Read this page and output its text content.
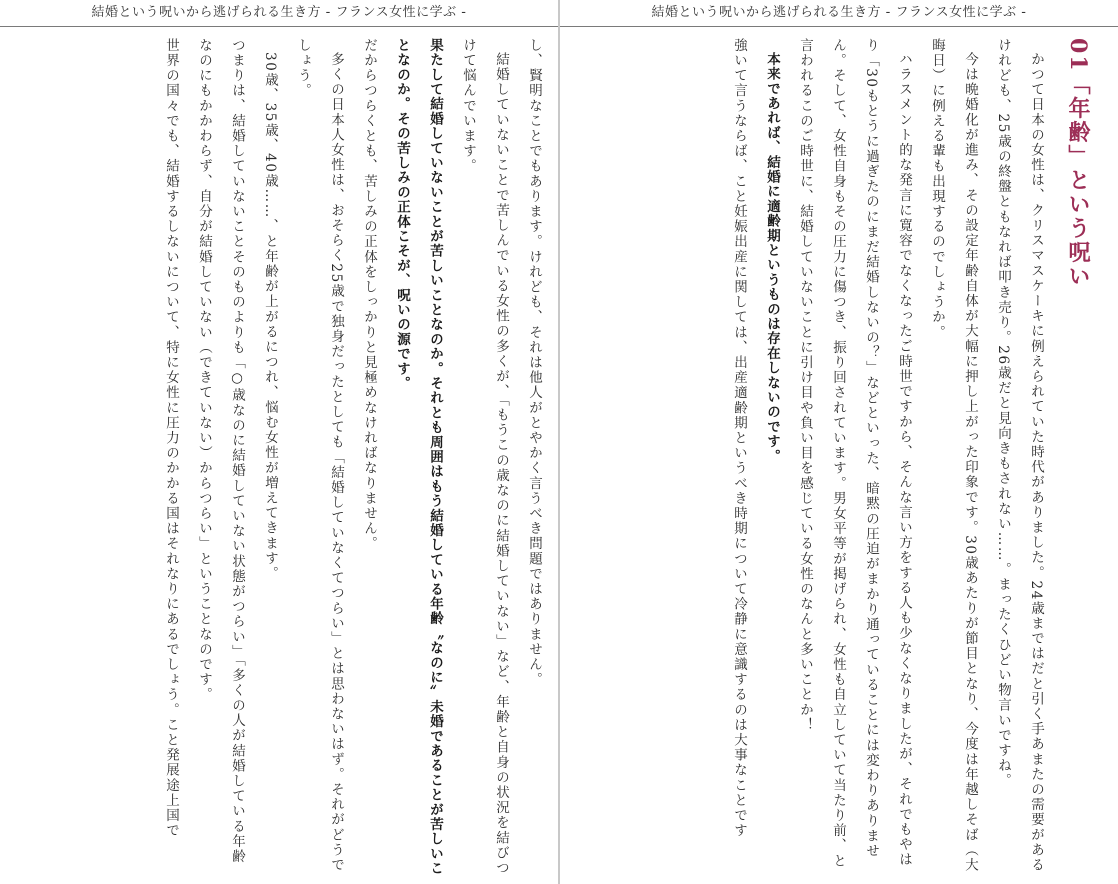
結婚という呪いから逃げられる生き方 - フランス女性に学ぶ -
01「年齢」という呪い

かつて日本の女性は、クリスマスケーキに例えられていた時代がありました。24歳まではだと引く手あまたの需要があるけれども、25歳の終盤ともなれば叩き売り。26歳だと見向きもされない……。まったくひどい物言いですね。

今は晩婚化が進み、その設定年齢自体が大幅に押し上がった印象です。30歳あたりが節目となり、今度は年越しそば（大晦日）に例える輩も出現するのでしょうか。

ハラスメント的な発言に寛容でなくなったご時世ですから、そんな言い方をする人も少なくなりましたが、それでもやはり「30もとうに過ぎたのにまだ結婚しないの？」などといった、暗黙の圧迫がまかり通っていることには変わりありません。そして、女性自身もその圧力に傷つき、振り回されています。男女平等が掲げられ、女性も自立していて当たり前、と言われるこのご時世に、結婚していないことに引け目や負い目を感じている女性のなんと多いことか！

本来であれば、結婚に適齢期というものは存在しないのです。

強いて言うならば、こと妊娠出産に関しては、出産適齢期というべき時期について冷静に意識するのは大事なことです

結婚という呪いから逃げられる生き方 - フランス女性に学ぶ -

し、賢明なことでもあります。けれども、それは他人がとやかく言うべき問題ではありません。

結婚していないことで苦しんでいる女性の多くが、「もうこの歳なのに結婚していない」など、年齢と自身の状況を結びつけて悩んでいます。

果たして結婚していないことが苦しいことなのか。それとも周囲はもう結婚している年齢〝なのに〟未婚であることが苦しいことなのか。その苦しみの正体こそが、呪いの源です。

だからつらくとも、苦しみの正体をしっかりと見極めなければなりません。

多くの日本人女性は、おそらく25歳で独身だったとしても「結婚していなくてつらい」とは思わないはず。それがどうでしょう。

30歳、35歳、40歳……、と年齢が上がるにつれ、悩む女性が増えてきます。

つまりは、結婚していないことそのものよりも「○歳なのに結婚していない状態がつらい」「多くの人が結婚している年齢なのにもかかわらず、自分が結婚していない（できていない）からつらい」ということなのです。

世界の国々でも、結婚するしないについて、特に女性に圧力のかかる国はそれなりにあるでしょう。こと発展途上国で
